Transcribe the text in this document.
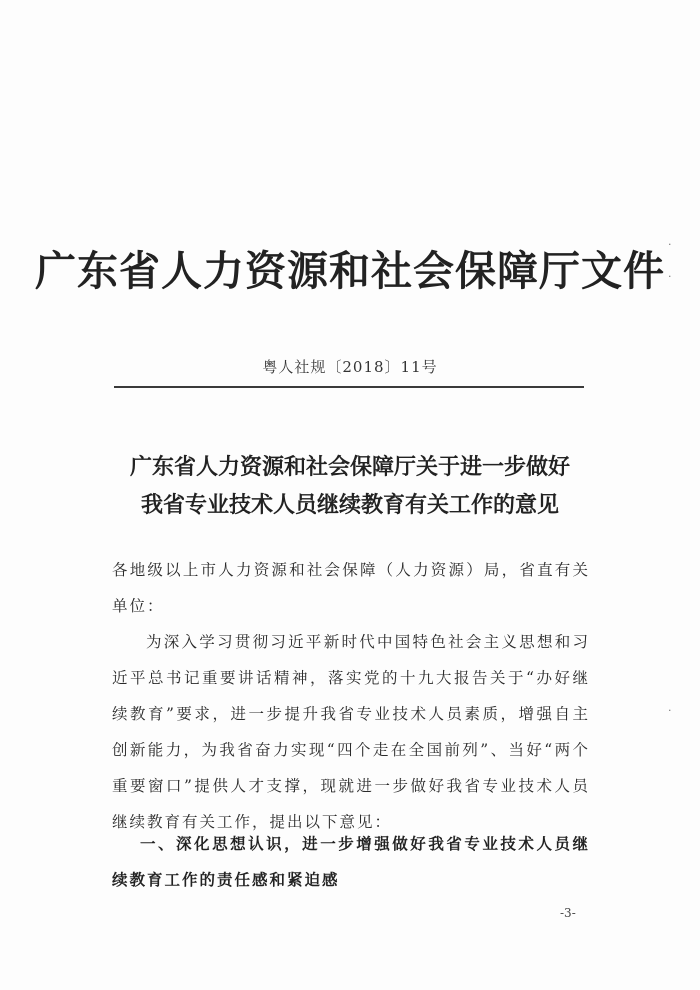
广东省人力资源和社会保障厅文件
粤人社规〔2018〕11号
广东省人力资源和社会保障厅关于进一步做好
我省专业技术人员继续教育有关工作的意见
各地级以上市人力资源和社会保障（人力资源）局，省直有关单位：
为深入学习贯彻习近平新时代中国特色社会主义思想和习近平总书记重要讲话精神，落实党的十九大报告关于“办好继续教育”要求，进一步提升我省专业技术人员素质，增强自主创新能力，为我省奋力实现“四个走在全国前列”、当好“两个重要窗口”提供人才支撑，现就进一步做好我省专业技术人员继续教育有关工作，提出以下意见：
一、深化思想认识，进一步增强做好我省专业技术人员继续教育工作的责任感和紧迫感
-3-
·
·
·
